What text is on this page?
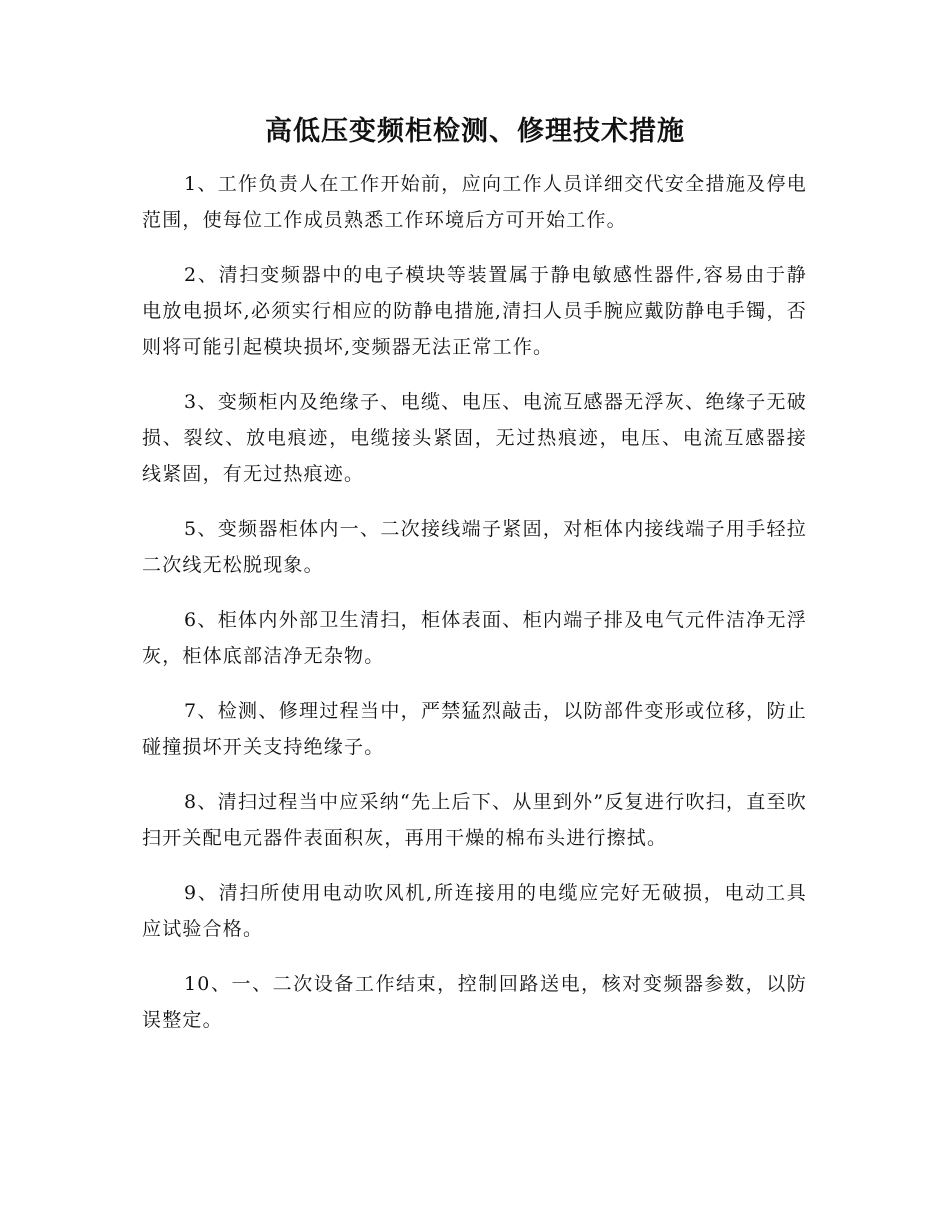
高低压变频柜检测、修理技术措施

1、工作负责人在工作开始前，应向工作人员详细交代安全措施及停电范围，使每位工作成员熟悉工作环境后方可开始工作。

2、清扫变频器中的电子模块等装置属于静电敏感性器件,容易由于静电放电损坏,必须实行相应的防静电措施,清扫人员手腕应戴防静电手镯，否则将可能引起模块损坏,变频器无法正常工作。

3、变频柜内及绝缘子、电缆、电压、电流互感器无浮灰、绝缘子无破损、裂纹、放电痕迹，电缆接头紧固，无过热痕迹，电压、电流互感器接线紧固，有无过热痕迹。

5、变频器柜体内一、二次接线端子紧固，对柜体内接线端子用手轻拉二次线无松脱现象。

6、柜体内外部卫生清扫，柜体表面、柜内端子排及电气元件洁净无浮灰，柜体底部洁净无杂物。

7、检测、修理过程当中，严禁猛烈敲击，以防部件变形或位移，防止碰撞损坏开关支持绝缘子。

8、清扫过程当中应采纳“先上后下、从里到外”反复进行吹扫，直至吹扫开关配电元器件表面积灰，再用干燥的棉布头进行擦拭。

9、清扫所使用电动吹风机,所连接用的电缆应完好无破损，电动工具应试验合格。

10、一、二次设备工作结束，控制回路送电，核对变频器参数，以防误整定。
